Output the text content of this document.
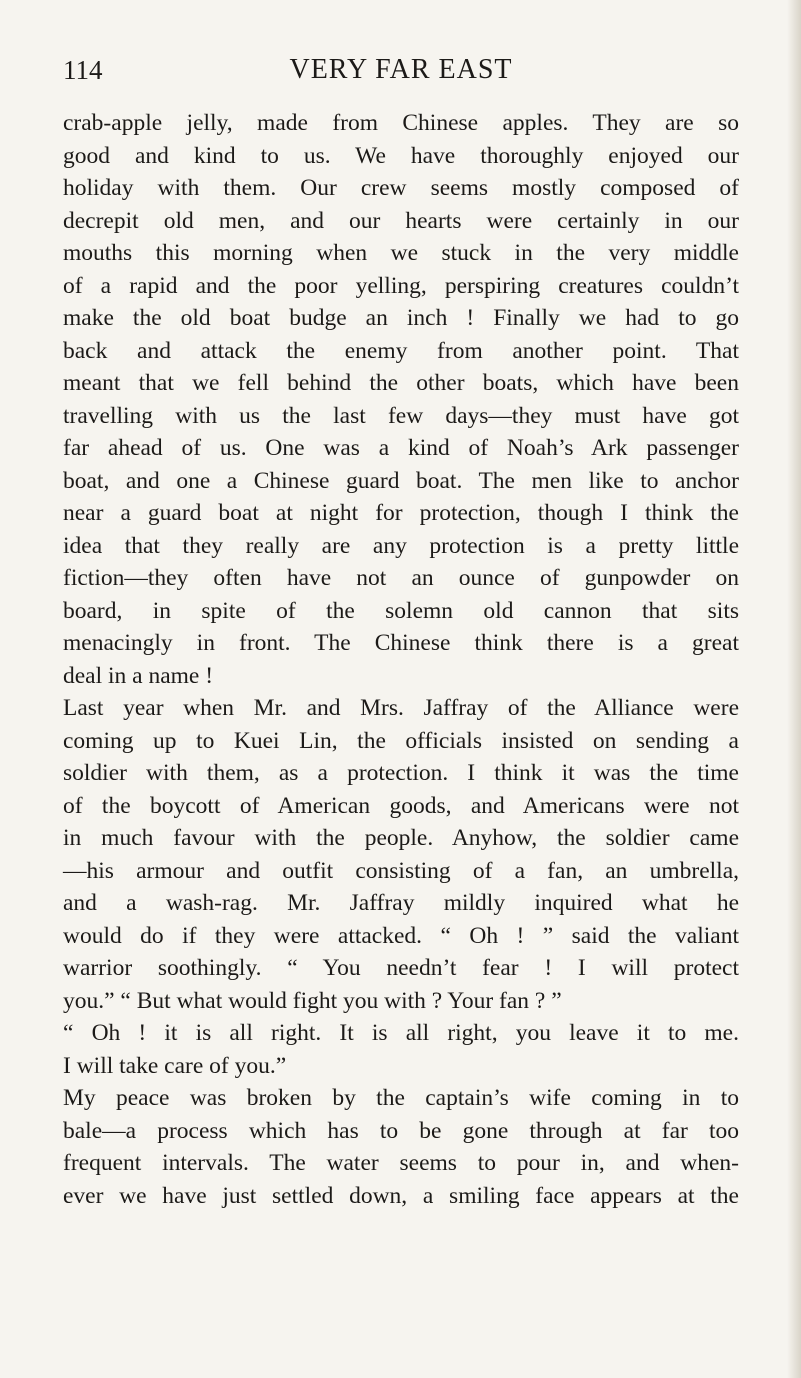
114	VERY FAR EAST
crab-apple jelly, made from Chinese apples. They are so
good and kind to us. We have thoroughly enjoyed our
holiday with them. Our crew seems mostly composed of
decrepit old men, and our hearts were certainly in our
mouths this morning when we stuck in the very middle
of a rapid and the poor yelling, perspiring creatures couldn’t
make the old boat budge an inch ! Finally we had to go
back and attack the enemy from another point. That
meant that we fell behind the other boats, which have been
travelling with us the last few days—they must have got
far ahead of us. One was a kind of Noah’s Ark passenger
boat, and one a Chinese guard boat. The men like to anchor
near a guard boat at night for protection, though I think the
idea that they really are any protection is a pretty little
fiction—they often have not an ounce of gunpowder on
board, in spite of the solemn old cannon that sits
menacingly in front. The Chinese think there is a great
deal in a name !
Last year when Mr. and Mrs. Jaffray of the Alliance were
coming up to Kuei Lin, the officials insisted on sending a
soldier with them, as a protection. I think it was the time
of the boycott of American goods, and Americans were not
in much favour with the people. Anyhow, the soldier came
—his armour and outfit consisting of a fan, an umbrella,
and a wash-rag. Mr. Jaffray mildly inquired what he
would do if they were attacked. “ Oh ! ” said the valiant
warrior soothingly. “ You needn’t fear ! I will protect
you.” “ But what would fight you with ? Your fan ? ”
“ Oh ! it is all right. It is all right, you leave it to me.
I will take care of you.”
My peace was broken by the captain’s wife coming in to
bale—a process which has to be gone through at far too
frequent intervals. The water seems to pour in, and when-
ever we have just settled down, a smiling face appears at the
